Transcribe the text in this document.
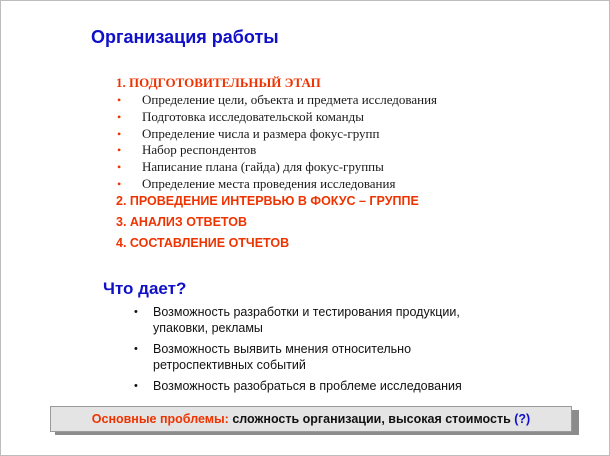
Организация работы
1. ПОДГОТОВИТЕЛЬНЫЙ ЭТАП
• Определение цели, объекта и предмета исследования
• Подготовка исследовательской команды
• Определение числа и размера фокус-групп
• Набор респондентов
• Написание плана (гайда) для фокус-группы
• Определение места проведения исследования
2. ПРОВЕДЕНИЕ ИНТЕРВЬЮ В ФОКУС – ГРУППЕ
3. АНАЛИЗ ОТВЕТОВ
4. СОСТАВЛЕНИЕ ОТЧЕТОВ
Что дает?
• Возможность разработки и тестирования продукции, упаковки, рекламы
• Возможность выявить мнения относительно ретроспективных событий
• Возможность разобраться в проблеме исследования
Основные проблемы:
сложность организации, высокая стоимость
(?)
